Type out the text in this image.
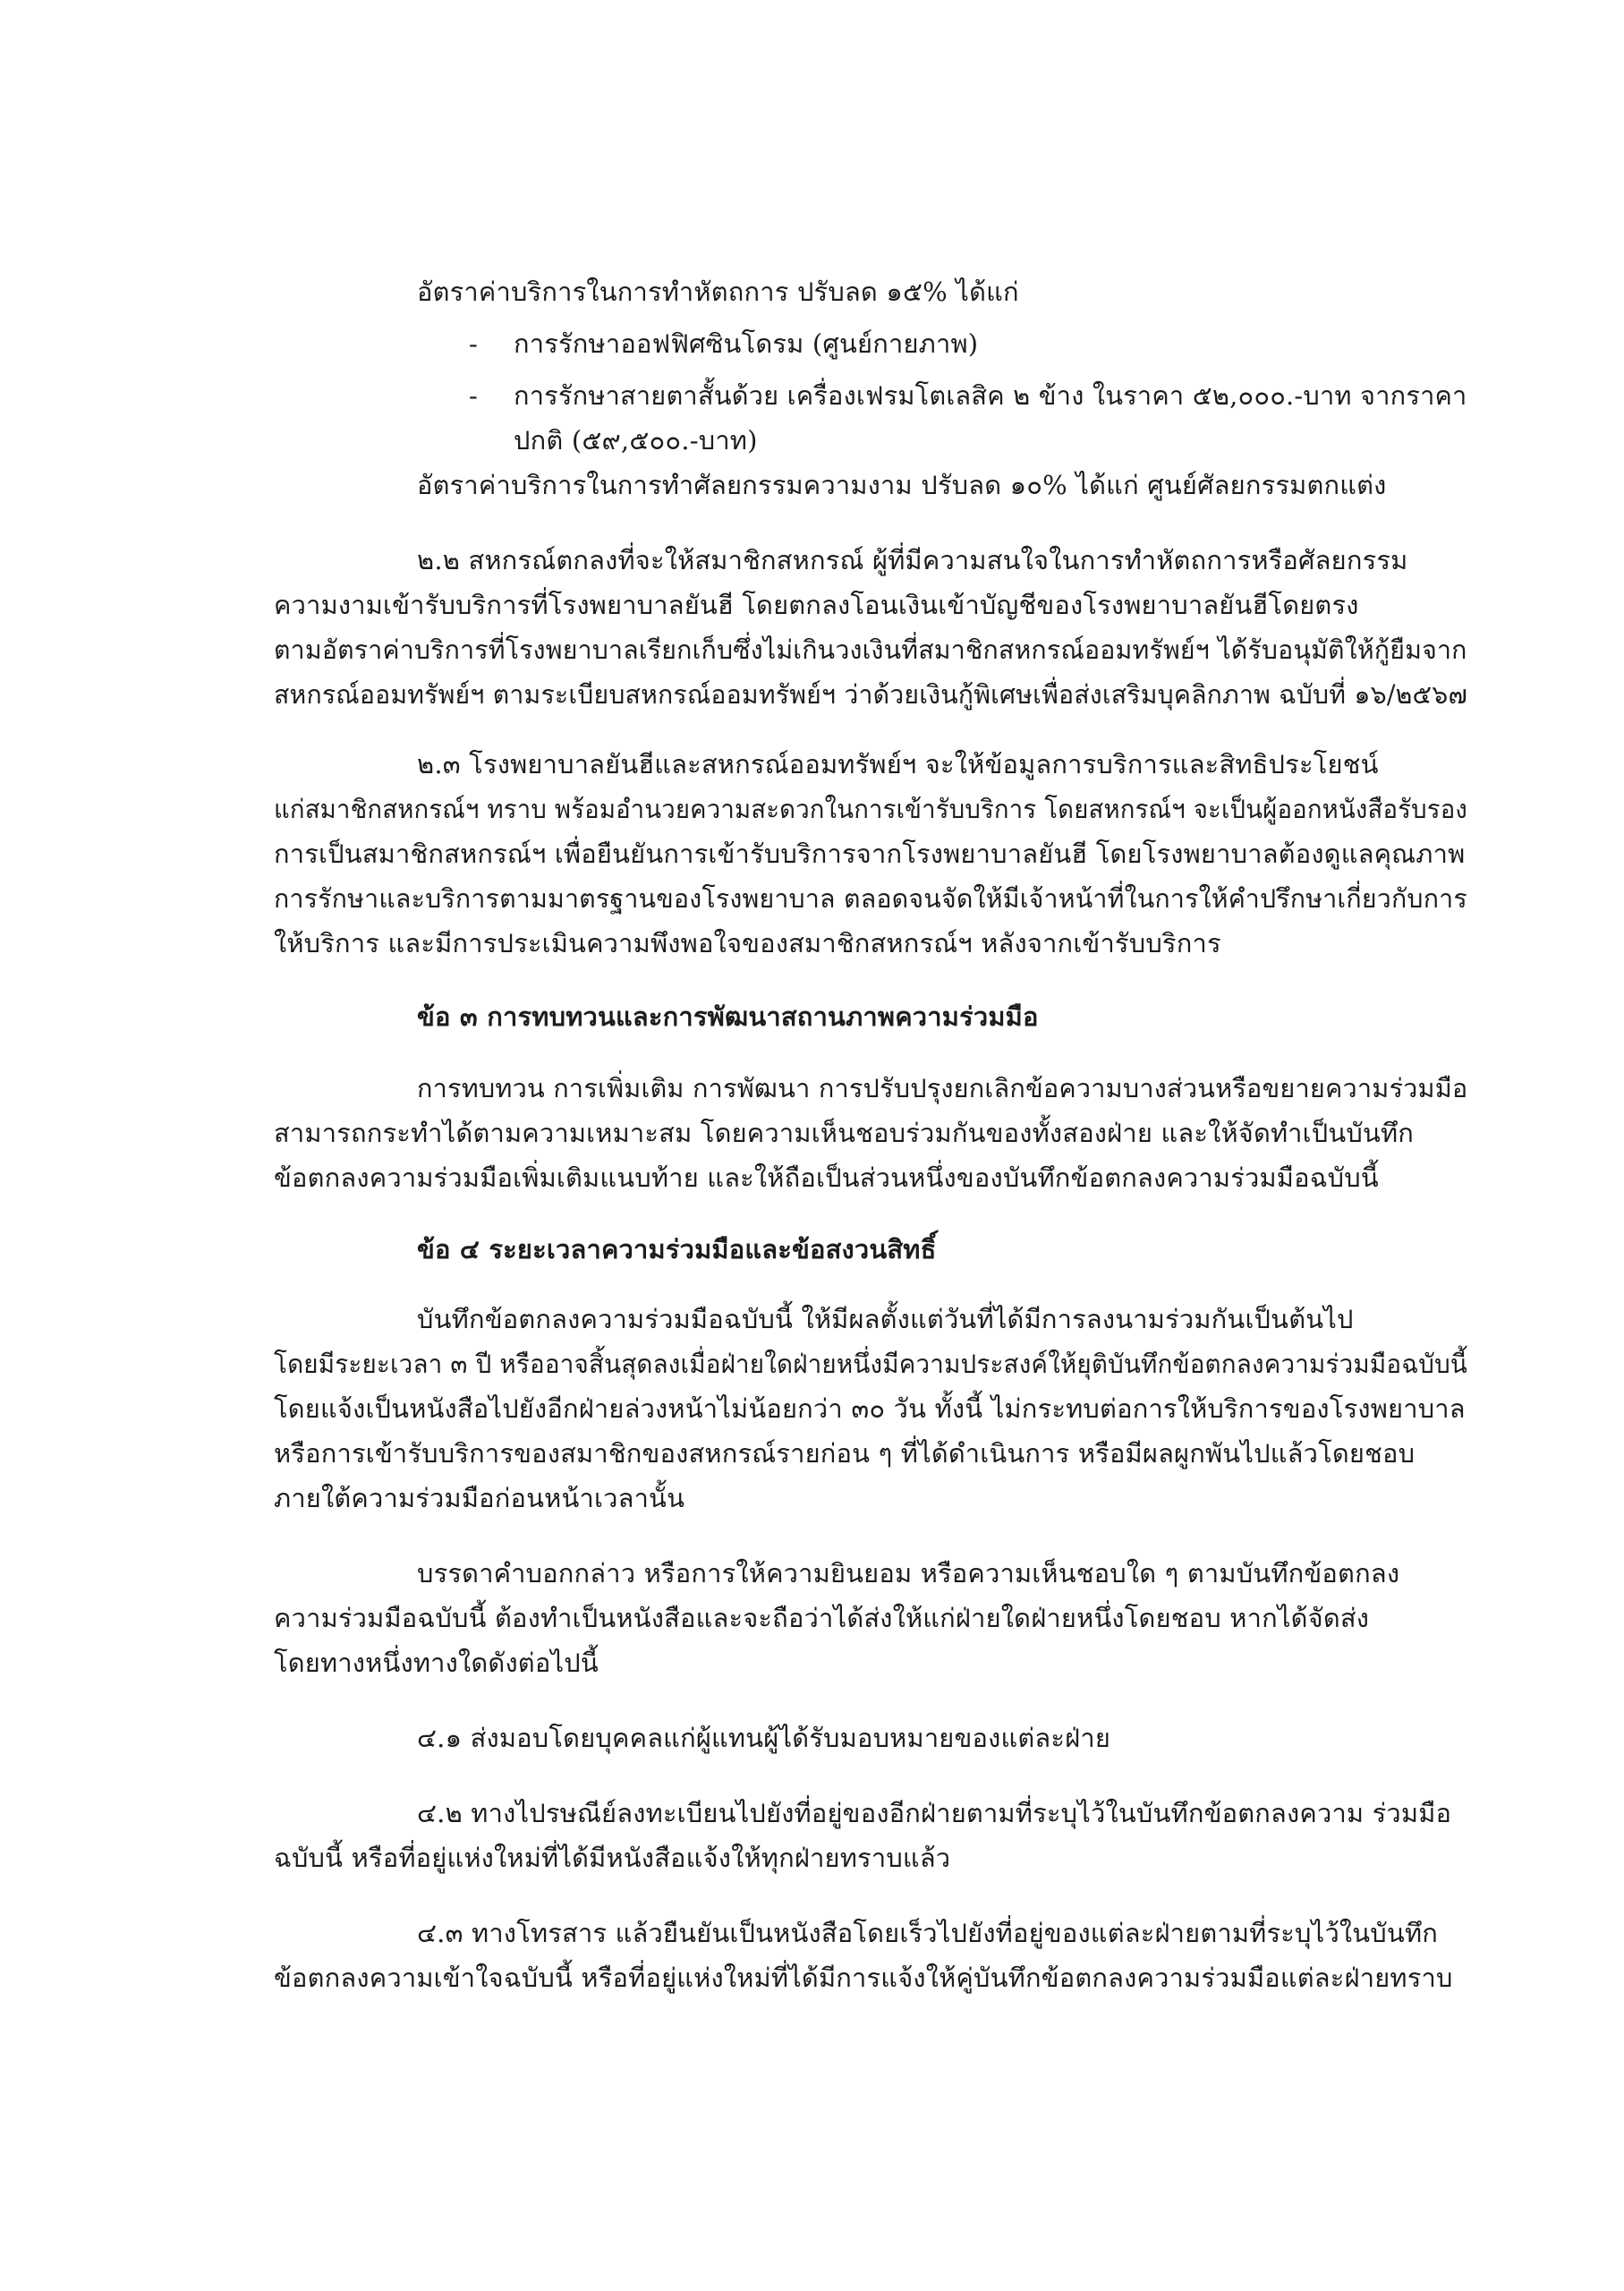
อัตราค่าบริการในการทำหัตถการ ปรับลด ๑๕% ได้แก่
- การรักษาออฟฟิศซินโดรม (ศูนย์กายภาพ)
- การรักษาสายตาสั้นด้วย เครื่องเฟรมโตเลสิค ๒ ข้าง ในราคา ๕๒,๐๐๐.-บาท จากราคา
ปกติ (๕๙,๕๐๐.-บาท)
อัตราค่าบริการในการทำศัลยกรรมความงาม ปรับลด ๑๐% ได้แก่ ศูนย์ศัลยกรรมตกแต่ง
๒.๒ สหกรณ์ตกลงที่จะให้สมาชิกสหกรณ์ ผู้ที่มีความสนใจในการทำหัตถการหรือศัลยกรรม
ความงามเข้ารับบริการที่โรงพยาบาลยันฮี โดยตกลงโอนเงินเข้าบัญชีของโรงพยาบาลยันฮีโดยตรง
ตามอัตราค่าบริการที่โรงพยาบาลเรียกเก็บซึ่งไม่เกินวงเงินที่สมาชิกสหกรณ์ออมทรัพย์ฯ ได้รับอนุมัติให้กู้ยืมจาก
สหกรณ์ออมทรัพย์ฯ ตามระเบียบสหกรณ์ออมทรัพย์ฯ ว่าด้วยเงินกู้พิเศษเพื่อส่งเสริมบุคลิกภาพ ฉบับที่ ๑๖/๒๕๖๗
๒.๓ โรงพยาบาลยันฮีและสหกรณ์ออมทรัพย์ฯ จะให้ข้อมูลการบริการและสิทธิประโยชน์
แก่สมาชิกสหกรณ์ฯ ทราบ พร้อมอำนวยความสะดวกในการเข้ารับบริการ โดยสหกรณ์ฯ จะเป็นผู้ออกหนังสือรับรอง
การเป็นสมาชิกสหกรณ์ฯ เพื่อยืนยันการเข้ารับบริการจากโรงพยาบาลยันฮี โดยโรงพยาบาลต้องดูแลคุณภาพ
การรักษาและบริการตามมาตรฐานของโรงพยาบาล ตลอดจนจัดให้มีเจ้าหน้าที่ในการให้คำปรึกษาเกี่ยวกับการ
ให้บริการ และมีการประเมินความพึงพอใจของสมาชิกสหกรณ์ฯ หลังจากเข้ารับบริการ
ข้อ ๓ การทบทวนและการพัฒนาสถานภาพความร่วมมือ
การทบทวน การเพิ่มเติม การพัฒนา การปรับปรุงยกเลิกข้อความบางส่วนหรือขยายความร่วมมือ
สามารถกระทำได้ตามความเหมาะสม โดยความเห็นชอบร่วมกันของทั้งสองฝ่าย และให้จัดทำเป็นบันทึก
ข้อตกลงความร่วมมือเพิ่มเติมแนบท้าย และให้ถือเป็นส่วนหนึ่งของบันทึกข้อตกลงความร่วมมือฉบับนี้
ข้อ ๔ ระยะเวลาความร่วมมือและข้อสงวนสิทธิ์
บันทึกข้อตกลงความร่วมมือฉบับนี้ ให้มีผลตั้งแต่วันที่ได้มีการลงนามร่วมกันเป็นต้นไป
โดยมีระยะเวลา ๓ ปี หรืออาจสิ้นสุดลงเมื่อฝ่ายใดฝ่ายหนึ่งมีความประสงค์ให้ยุติบันทึกข้อตกลงความร่วมมือฉบับนี้
โดยแจ้งเป็นหนังสือไปยังอีกฝ่ายล่วงหน้าไม่น้อยกว่า ๓๐ วัน ทั้งนี้ ไม่กระทบต่อการให้บริการของโรงพยาบาล
หรือการเข้ารับบริการของสมาชิกของสหกรณ์รายก่อน ๆ ที่ได้ดำเนินการ หรือมีผลผูกพันไปแล้วโดยชอบ
ภายใต้ความร่วมมือก่อนหน้าเวลานั้น
บรรดาคำบอกกล่าว หรือการให้ความยินยอม หรือความเห็นชอบใด ๆ ตามบันทึกข้อตกลง
ความร่วมมือฉบับนี้ ต้องทำเป็นหนังสือและจะถือว่าได้ส่งให้แก่ฝ่ายใดฝ่ายหนึ่งโดยชอบ หากได้จัดส่ง
โดยทางหนึ่งทางใดดังต่อไปนี้
๔.๑ ส่งมอบโดยบุคคลแก่ผู้แทนผู้ได้รับมอบหมายของแต่ละฝ่าย
๔.๒ ทางไปรษณีย์ลงทะเบียนไปยังที่อยู่ของอีกฝ่ายตามที่ระบุไว้ในบันทึกข้อตกลงความ ร่วมมือ
ฉบับนี้ หรือที่อยู่แห่งใหม่ที่ได้มีหนังสือแจ้งให้ทุกฝ่ายทราบแล้ว
๔.๓ ทางโทรสาร แล้วยืนยันเป็นหนังสือโดยเร็วไปยังที่อยู่ของแต่ละฝ่ายตามที่ระบุไว้ในบันทึก
ข้อตกลงความเข้าใจฉบับนี้ หรือที่อยู่แห่งใหม่ที่ได้มีการแจ้งให้คู่บันทึกข้อตกลงความร่วมมือแต่ละฝ่ายทราบ
